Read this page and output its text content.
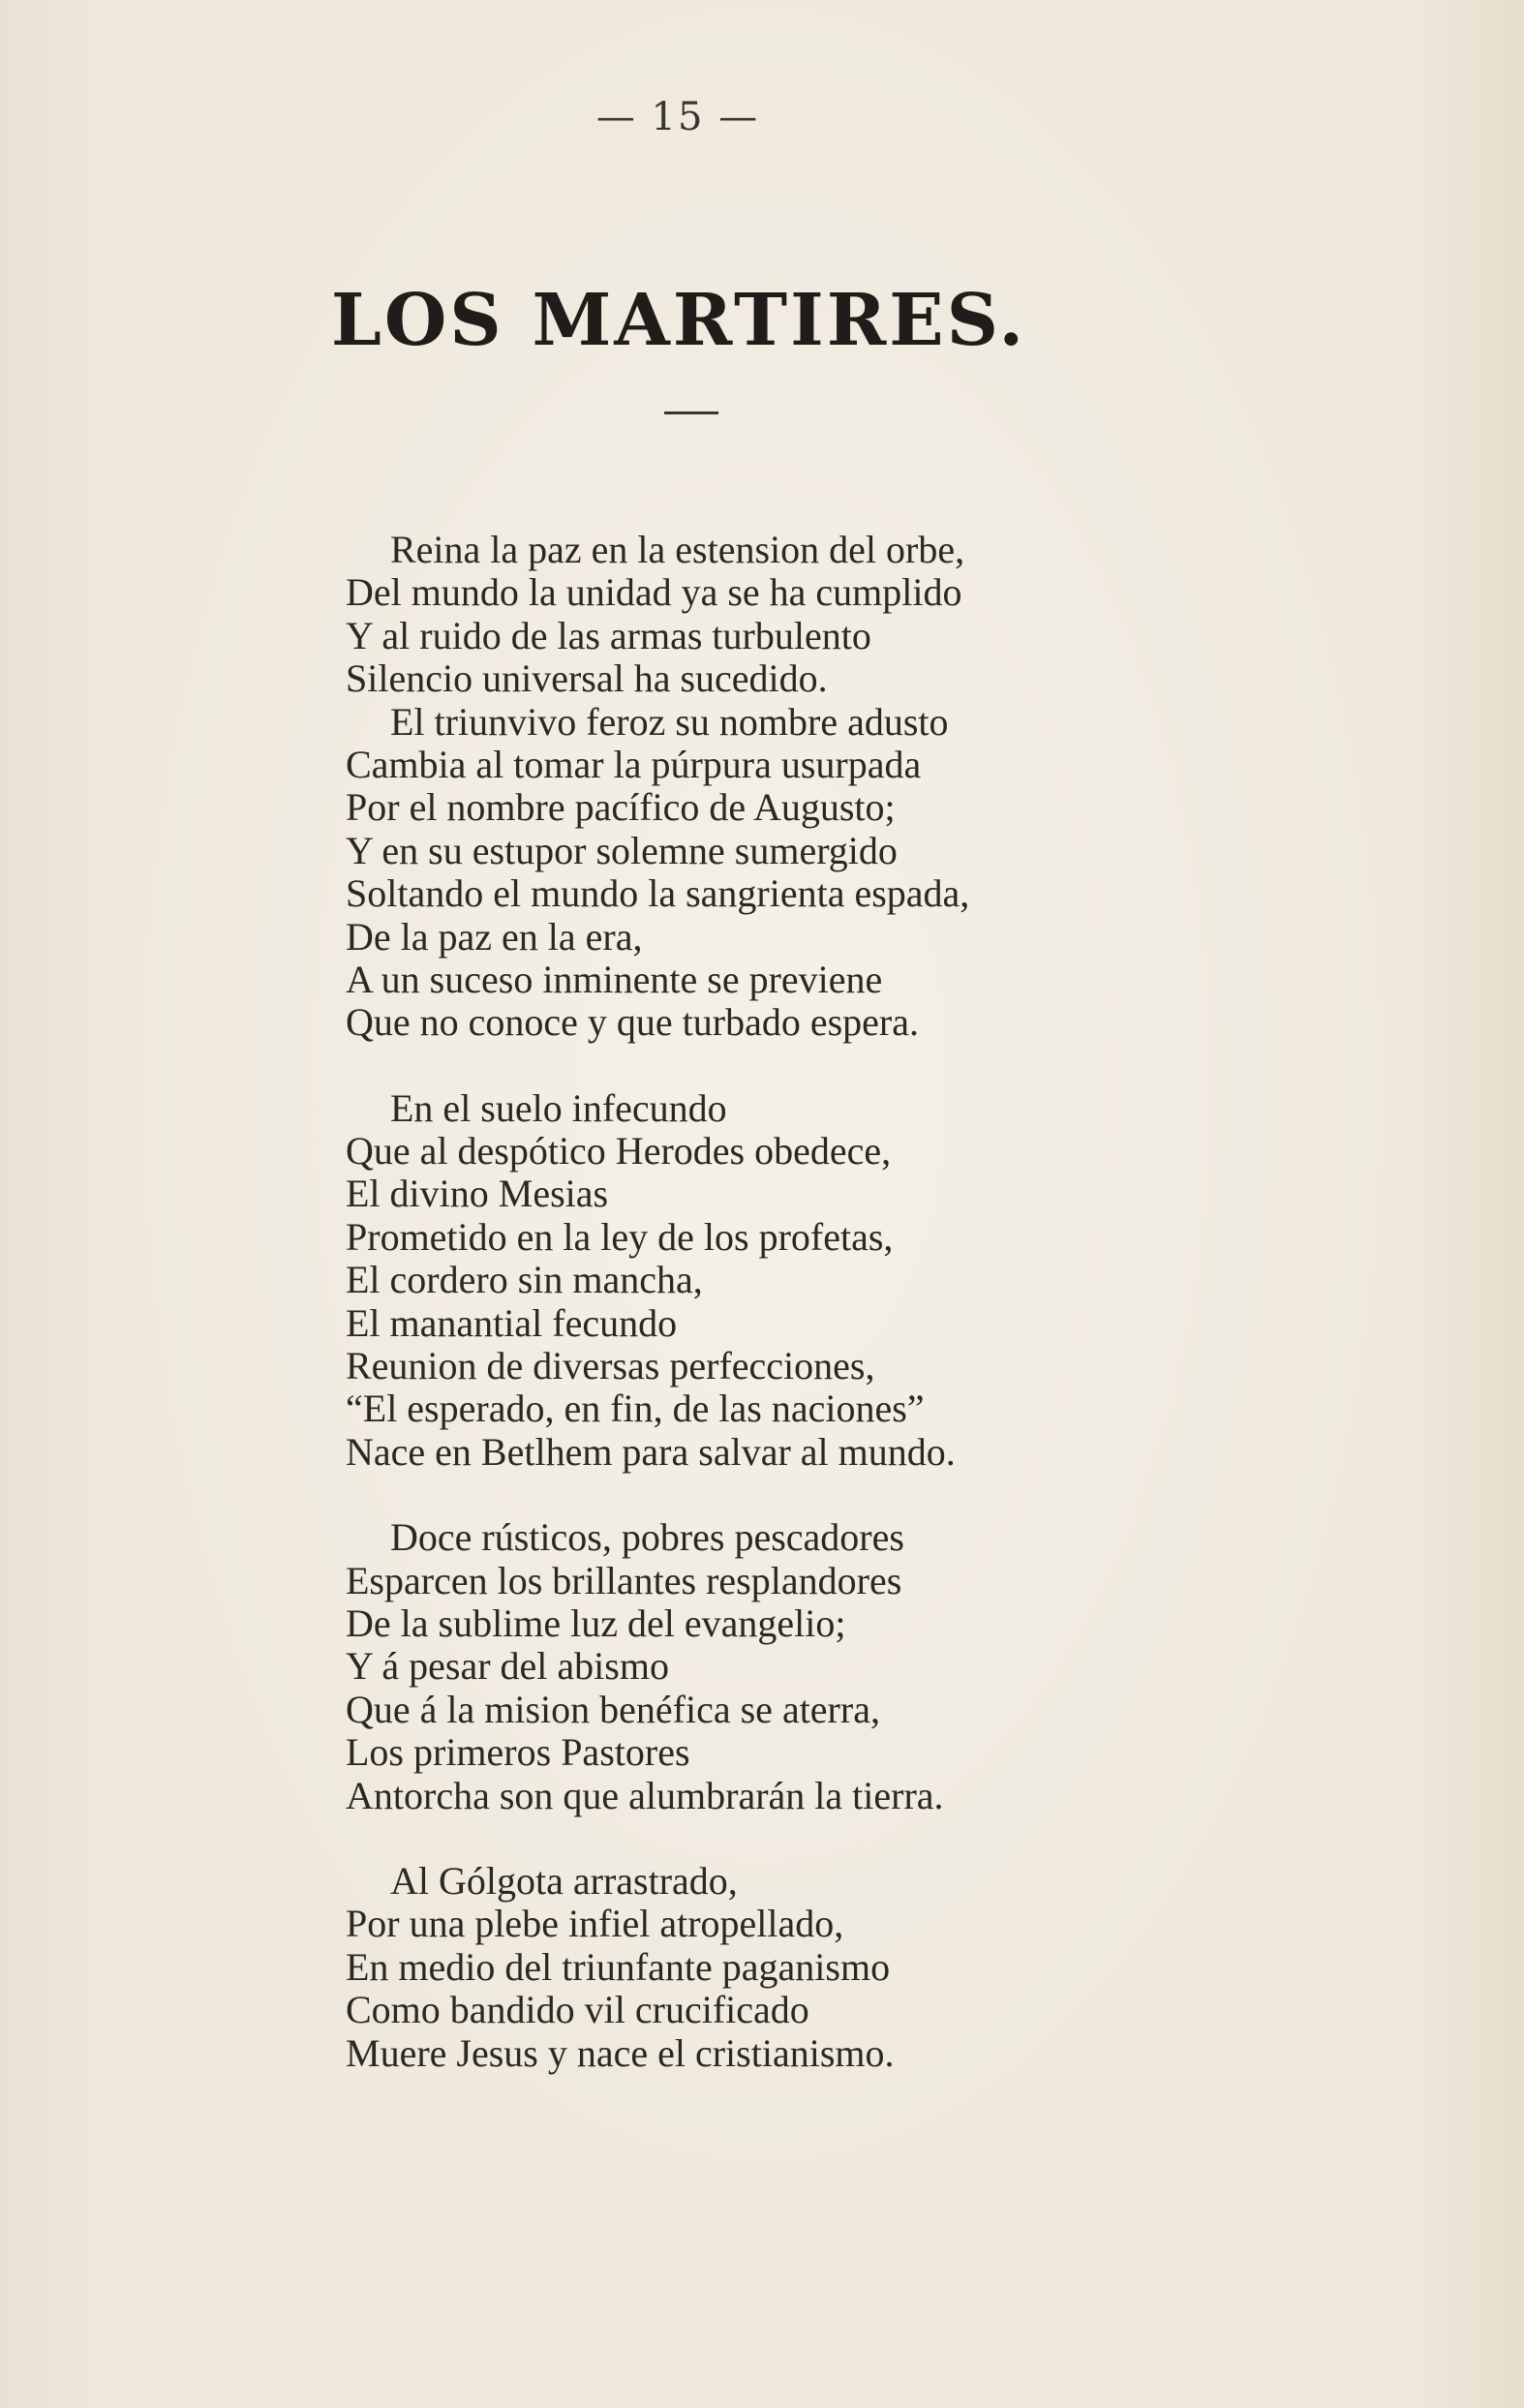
— 15 —
LOS MARTIRES.
Reina la paz en la estension del orbe,
Del mundo la unidad ya se ha cumplido
Y al ruido de las armas turbulento
Silencio universal ha sucedido.
El triunvivo feroz su nombre adusto
Cambia al tomar la púrpura usurpada
Por el nombre pacífico de Augusto;
Y en su estupor solemne sumergido
Soltando el mundo la sangrienta espada,
De la paz en la era,
A un suceso inminente se previene
Que no conoce y que turbado espera.
En el suelo infecundo
Que al despótico Herodes obedece,
El divino Mesias
Prometido en la ley de los profetas,
El cordero sin mancha,
El manantial fecundo
Reunion de diversas perfecciones,
“El esperado, en fin, de las naciones”
Nace en Betlhem para salvar al mundo.
Doce rústicos, pobres pescadores
Esparcen los brillantes resplandores
De la sublime luz del evangelio;
Y á pesar del abismo
Que á la mision benéfica se aterra,
Los primeros Pastores
Antorcha son que alumbrarán la tierra.
Al Gólgota arrastrado,
Por una plebe infiel atropellado,
En medio del triunfante paganismo
Como bandido vil crucificado
Muere Jesus y nace el cristianismo.
